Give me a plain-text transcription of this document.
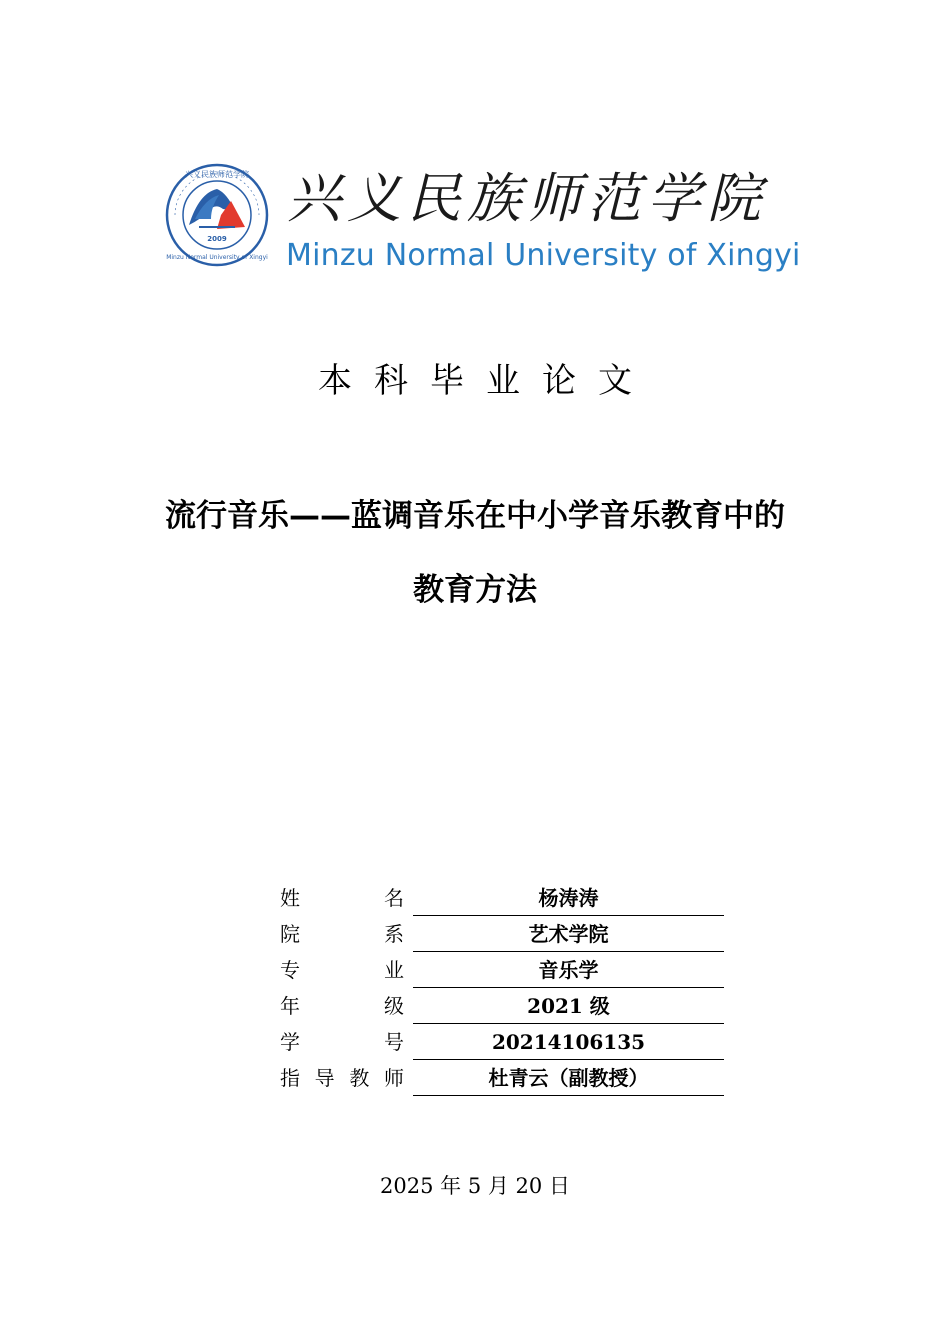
2009
兴义民族师范学院
Minzu Normal University of Xingyi
兴义民族师范学院
Minzu Normal University of Xingyi
本科毕业论文
流行音乐——蓝调音乐在中小学音乐教育中的
教育方法
姓	名	杨涛涛
院	系	艺术学院
专	业	音乐学
年	级	2021 级
学	号	20214106135
指 导 教 师	杜青云（副教授）
2025 年 5 月 20 日
